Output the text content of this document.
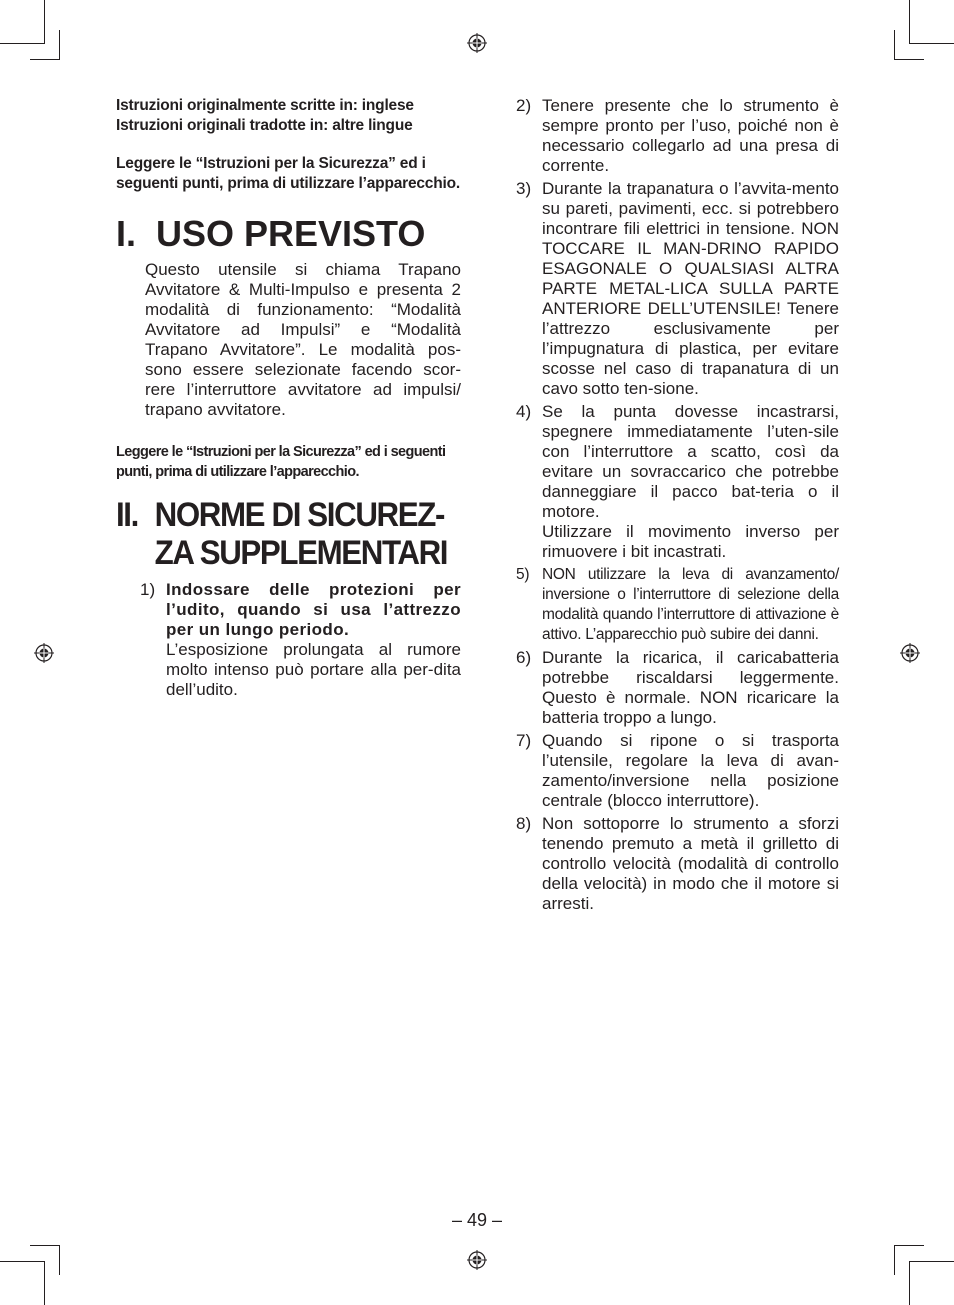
Istruzioni originalmente scritte in: inglese

Istruzioni originali tradotte in: altre lingue

Leggere le “Istruzioni per la Sicurezza” ed i seguenti punti, prima di utilizzare l’apparecchio.

I. USO PREVISTO

Questo utensile si chiama Trapano Avvitatore & Multi-Impulso e presenta 2 modalità di funzionamento: “Modalità Avvitatore ad Impulsi” e “Modalità Trapano Avvitatore”. Le modalità pos-sono essere selezionate facendo scor-rere l’interruttore avvitatore ad impulsi/ trapano avvitatore.

Leggere le “Istruzioni per la Sicurezza” ed i seguenti punti, prima di utilizzare l’apparecchio.

II. NORME DI SICUREZ-
ZA SUPPLEMENTARI
1) Indossare delle protezioni per l’udito, quando si usa l’attrezzo per un lungo periodo.
L’esposizione prolungata al rumore molto intenso può portare alla per-dita dell’udito.
2) Tenere presente che lo strumento è sempre pronto per l’uso, poiché non è necessario collegarlo ad una presa di corrente.
3) Durante la trapanatura o l’avvita-mento su pareti, pavimenti, ecc. si potrebbero incontrare fili elettrici in tensione. NON TOCCARE IL MAN-DRINO RAPIDO ESAGONALE O QUALSIASI ALTRA PARTE METAL-LICA SULLA PARTE ANTERIORE DELL’UTENSILE! Tenere l’attrezzo esclusivamente per l’impugnatura di plastica, per evitare scosse nel caso di trapanatura di un cavo sotto ten-sione.
4) Se la punta dovesse incastrarsi, spegnere immediatamente l’uten-sile con l’interruttore a scatto, così da evitare un sovraccarico che potrebbe danneggiare il pacco bat-teria o il motore.
Utilizzare il movimento inverso per rimuovere i bit incastrati.
5) NON utilizzare la leva di avanzamento/ inversione o l’interruttore di selezione della modalità quando l’interruttore di attivazione è attivo. L’apparecchio può subire dei danni.
6) Durante la ricarica, il caricabatteria potrebbe riscaldarsi leggermente. Questo è normale. NON ricaricare la batteria troppo a lungo.
7) Quando si ripone o si trasporta l’utensile, regolare la leva di avan-zamento/inversione nella posizione centrale (blocco interruttore).
8) Non sottoporre lo strumento a sforzi tenendo premuto a metà il grilletto di controllo velocità (modalità di controllo della velocità) in modo che il motore si arresti.
– 49 –
